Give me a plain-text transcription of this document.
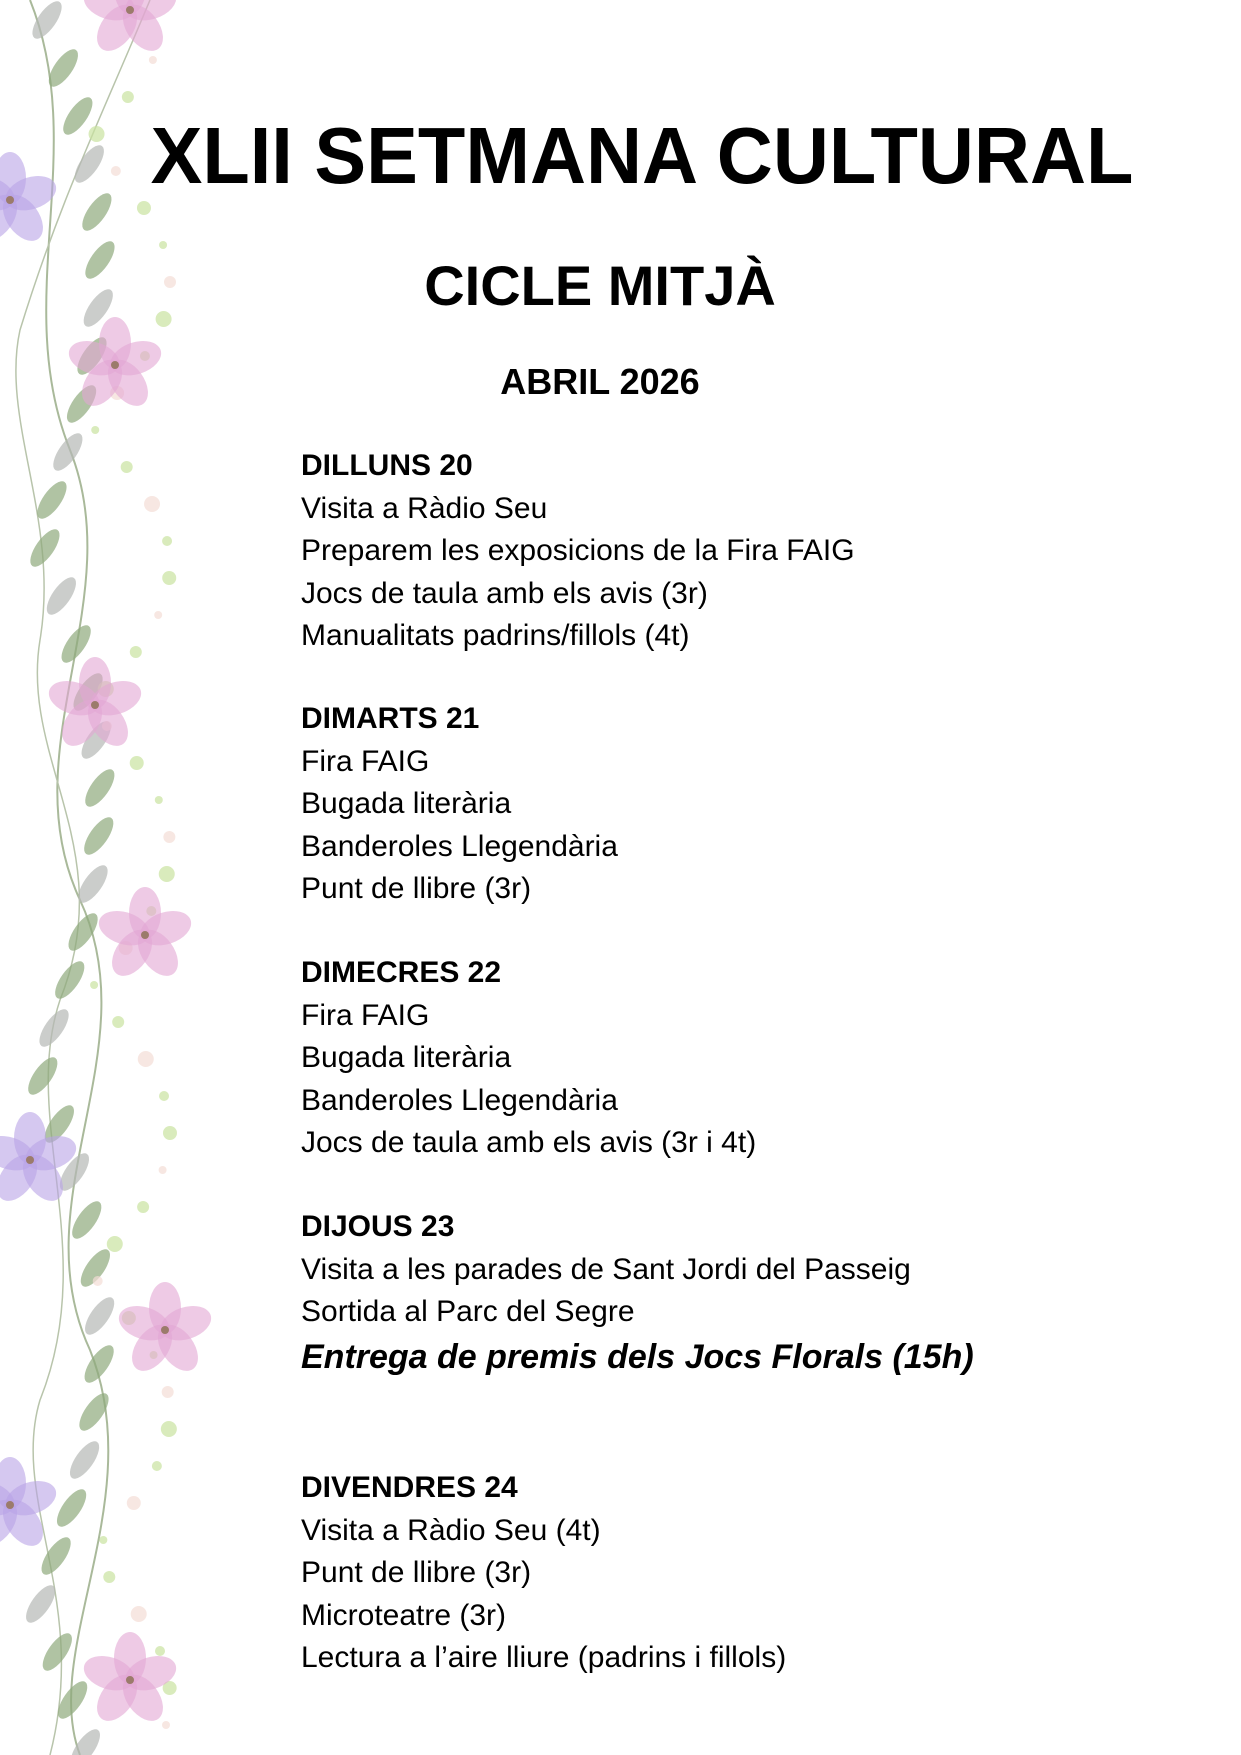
XLII SETMANA CULTURAL
CICLE MITJÀ
ABRIL 2026
DILLUNS 20
Visita a Ràdio Seu
Preparem les exposicions de la Fira FAIG
Jocs de taula amb els avis (3r)
Manualitats padrins/fillols (4t)
DIMARTS 21
Fira FAIG
Bugada literària
Banderoles Llegendària
Punt de llibre (3r)
DIMECRES 22
Fira FAIG
Bugada literària
Banderoles Llegendària
Jocs de taula amb els avis (3r i 4t)
DIJOUS 23
Visita a les parades de Sant Jordi del Passeig
Sortida al Parc del Segre
Entrega de premis dels Jocs Florals (15h)
DIVENDRES 24
Visita a Ràdio Seu (4t)
Punt de llibre (3r)
Microteatre (3r)
Lectura a l’aire lliure (padrins i fillols)
